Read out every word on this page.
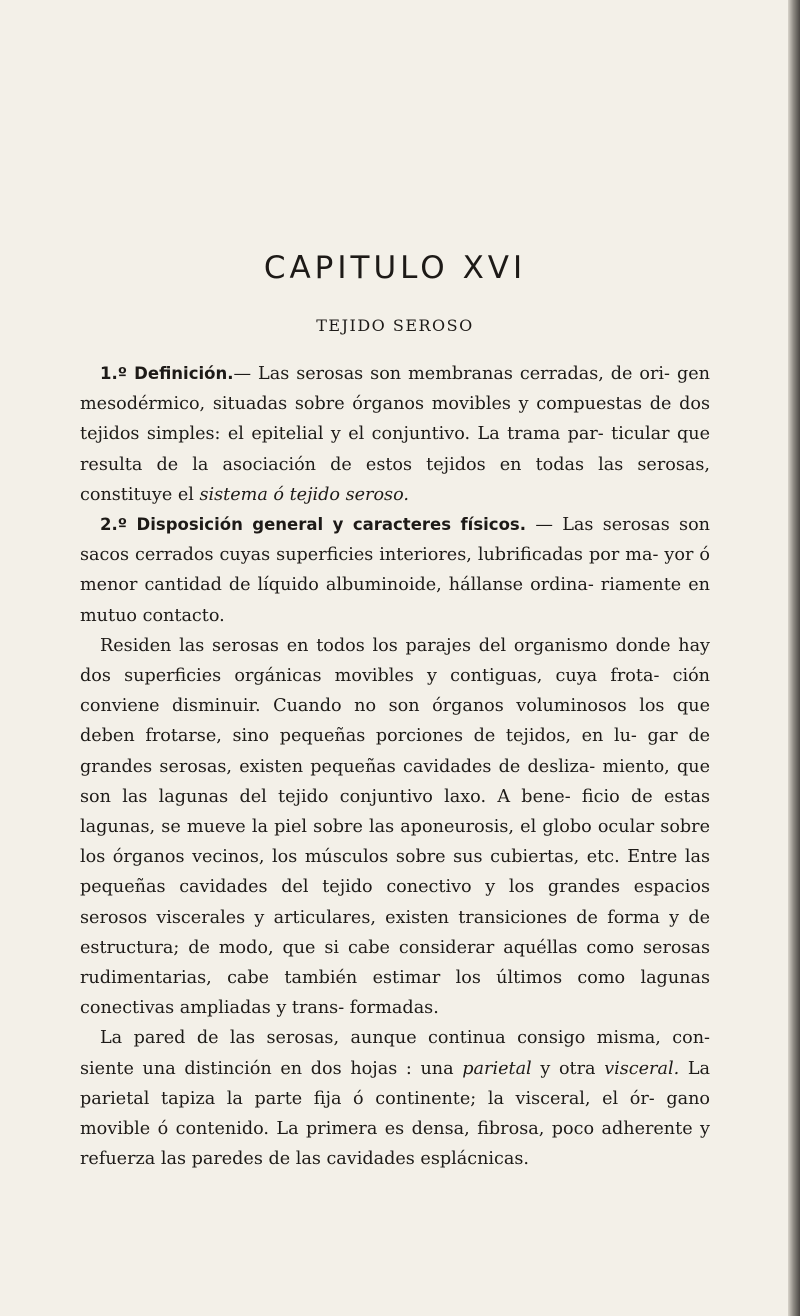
CAPITULO XVI
TEJIDO SEROSO

1.º Definición.— Las serosas son membranas cerradas, de ori- gen mesodérmico, situadas sobre órganos movibles y compuestas de dos tejidos simples: el epitelial y el conjuntivo. La trama par- ticular que resulta de la asociación de estos tejidos en todas las serosas, constituye el sistema ó tejido seroso.

2.º Disposición general y caracteres físicos. — Las serosas son sacos cerrados cuyas superficies interiores, lubrificadas por ma- yor ó menor cantidad de líquido albuminoide, hállanse ordina- riamente en mutuo contacto.

Residen las serosas en todos los parajes del organismo donde hay dos superficies orgánicas movibles y contiguas, cuya frota- ción conviene disminuir. Cuando no son órganos voluminosos los que deben frotarse, sino pequeñas porciones de tejidos, en lu- gar de grandes serosas, existen pequeñas cavidades de desliza- miento, que son las lagunas del tejido conjuntivo laxo. A bene- ficio de estas lagunas, se mueve la piel sobre las aponeurosis, el globo ocular sobre los órganos vecinos, los músculos sobre sus cubiertas, etc. Entre las pequeñas cavidades del tejido conectivo y los grandes espacios serosos viscerales y articulares, existen transiciones de forma y de estructura; de modo, que si cabe considerar aquéllas como serosas rudimentarias, cabe también estimar los últimos como lagunas conectivas ampliadas y trans- formadas.

La pared de las serosas, aunque continua consigo misma, con- siente una distinción en dos hojas : una parietal y otra visceral. La parietal tapiza la parte fija ó continente; la visceral, el ór- gano movible ó contenido. La primera es densa, fibrosa, poco adherente y refuerza las paredes de las cavidades esplácnicas.
